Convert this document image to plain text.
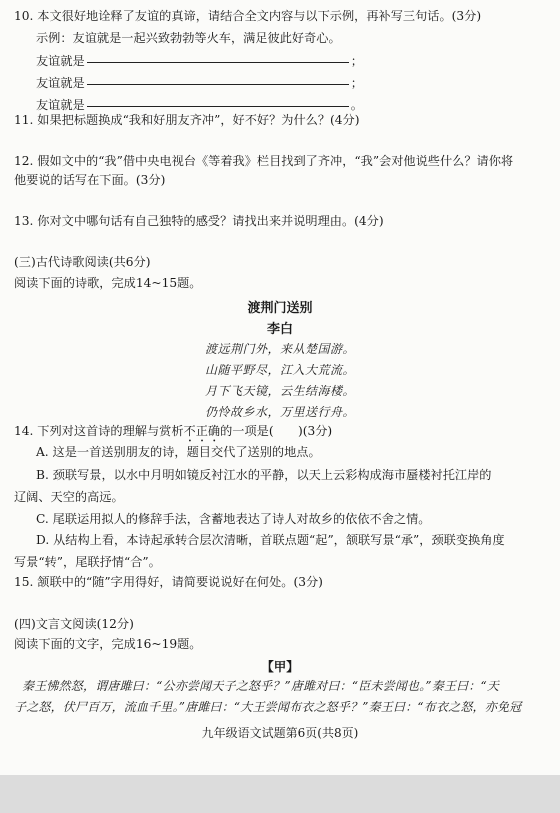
10. 本文很好地诠释了友谊的真谛，请结合全文内容与以下示例，再补写三句话。(3分)
示例：友谊就是一起兴致勃勃等火车，满足彼此好奇心。
友谊就是	；
友谊就是	；
友谊就是	。
11. 如果把标题换成“我和好朋友齐冲”，好不好？为什么？(4分)
12. 假如文中的“我”借中央电视台《等着我》栏目找到了齐冲，“我”会对他说些什么？请你将
他要说的话写在下面。(3分)
13. 你对文中哪句话有自己独特的感受？请找出来并说明理由。(4分)
(三)古代诗歌阅读(共6分)
阅读下面的诗歌，完成14~15题。
渡荆门送别
李白
渡远荆门外，来从楚国游。
山随平野尽，江入大荒流。
月下飞天镜，云生结海楼。
仍怜故乡水，万里送行舟。
14. 下列对这首诗的理解与赏析不正确的一项是(　　)(3分)
A. 这是一首送别朋友的诗，题目交代了送别的地点。
B. 颈联写景，以水中月明如镜反衬江水的平静，以天上云彩构成海市蜃楼衬托江岸的
辽阔、天空的高远。
C. 尾联运用拟人的修辞手法，含蓄地表达了诗人对故乡的依依不舍之情。
D. 从结构上看，本诗起承转合层次清晰，首联点题“起”，颔联写景“承”，颈联变换角度
写景“转”，尾联抒情“合”。
15. 颔联中的“随”字用得好，请简要说说好在何处。(3分)
(四)文言文阅读(12分)
阅读下面的文字，完成16~19题。
【甲】
秦王怫然怒，谓唐雎曰：“公亦尝闻天子之怒乎？”唐雎对曰：“臣未尝闻也。”秦王曰：“天
子之怒，伏尸百万，流血千里。”唐雎曰：“大王尝闻布衣之怒乎？”秦王曰：“布衣之怒，亦免冠
九年级语文试题第6页(共8页)
